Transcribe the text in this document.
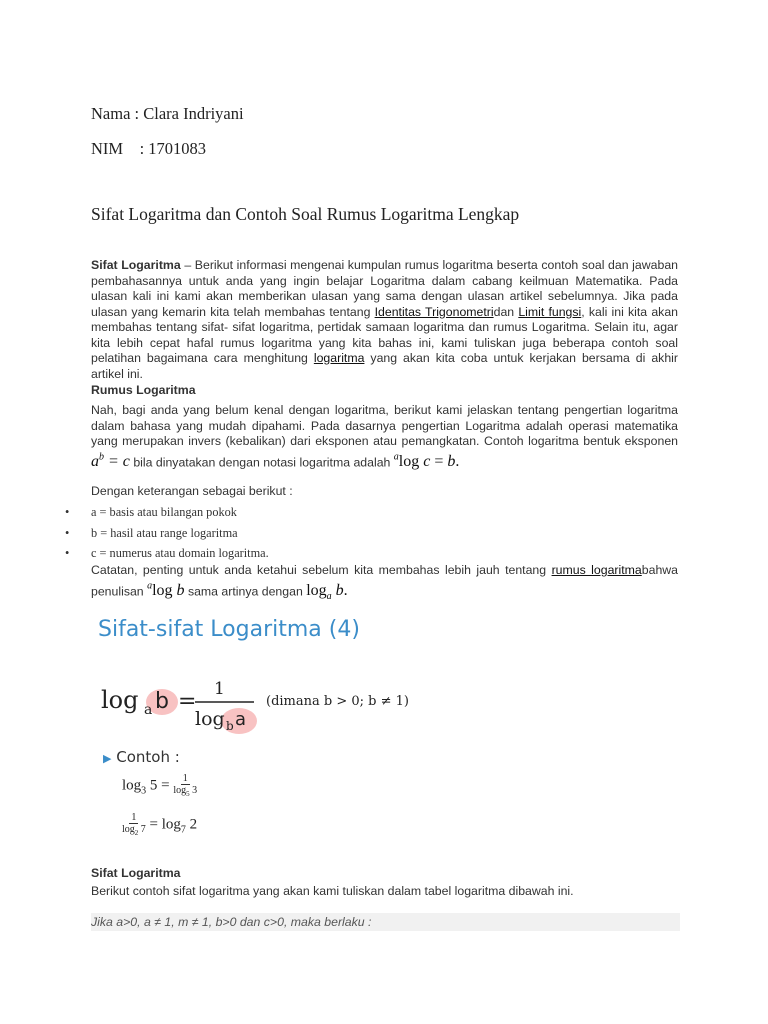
Nama : Clara Indriyani
NIM    : 1701083
Sifat Logaritma dan Contoh Soal Rumus Logaritma Lengkap
Sifat Logaritma – Berikut informasi mengenai kumpulan rumus logaritma beserta contoh soal dan jawaban pembahasannya untuk anda yang ingin belajar Logaritma dalam cabang keilmuan Matematika. Pada ulasan kali ini kami akan memberikan ulasan yang sama dengan ulasan artikel sebelumnya. Jika pada ulasan yang kemarin kita telah membahas tentang Identitas Trigonometridan Limit fungsi, kali ini kita akan membahas tentang sifat- sifat logaritma, pertidak samaan logaritma dan rumus Logaritma. Selain itu, agar kita lebih cepat hafal rumus logaritma yang kita bahas ini, kami tuliskan juga beberapa contoh soal pelatihan bagaimana cara menghitung logaritma yang akan kita coba untuk kerjakan bersama di akhir artikel ini.
Rumus Logaritma
Nah, bagi anda yang belum kenal dengan logaritma, berikut kami jelaskan tentang pengertian logaritma dalam bahasa yang mudah dipahami. Pada dasarnya pengertian Logaritma adalah operasi matematika yang merupakan invers (kebalikan) dari eksponen atau pemangkatan. Contoh logaritma bentuk eksponen $a^b = c$ bila dinyatakan dengan notasi logaritma adalah $^a$log c = b.
Dengan keterangan sebagai berikut :
• a = basis atau bilangan pokok
• b = hasil atau range logaritma
• c = numerus atau domain logaritma.
Catatan, penting untuk anda ketahui sebelum kita membahas lebih jauh tentang rumus logaritmabahwa penulisan $^a$log b sama artinya dengan $\log_a b$.
Sifat-sifat Logaritma (4)
log a b = 1
log b a
(dimana b > 0; b ≠ 1)
▶ Contoh :
$\log_3 5 = \frac{1}{\log_5 3}$
$\frac{1}{\log_2 7} = \log_7 2$
Sifat Logaritma
Berikut contoh sifat logaritma yang akan kami tuliskan dalam tabel logaritma dibawah ini.
Jika a>0, a ≠ 1, m ≠ 1, b>0 dan c>0, maka berlaku :
